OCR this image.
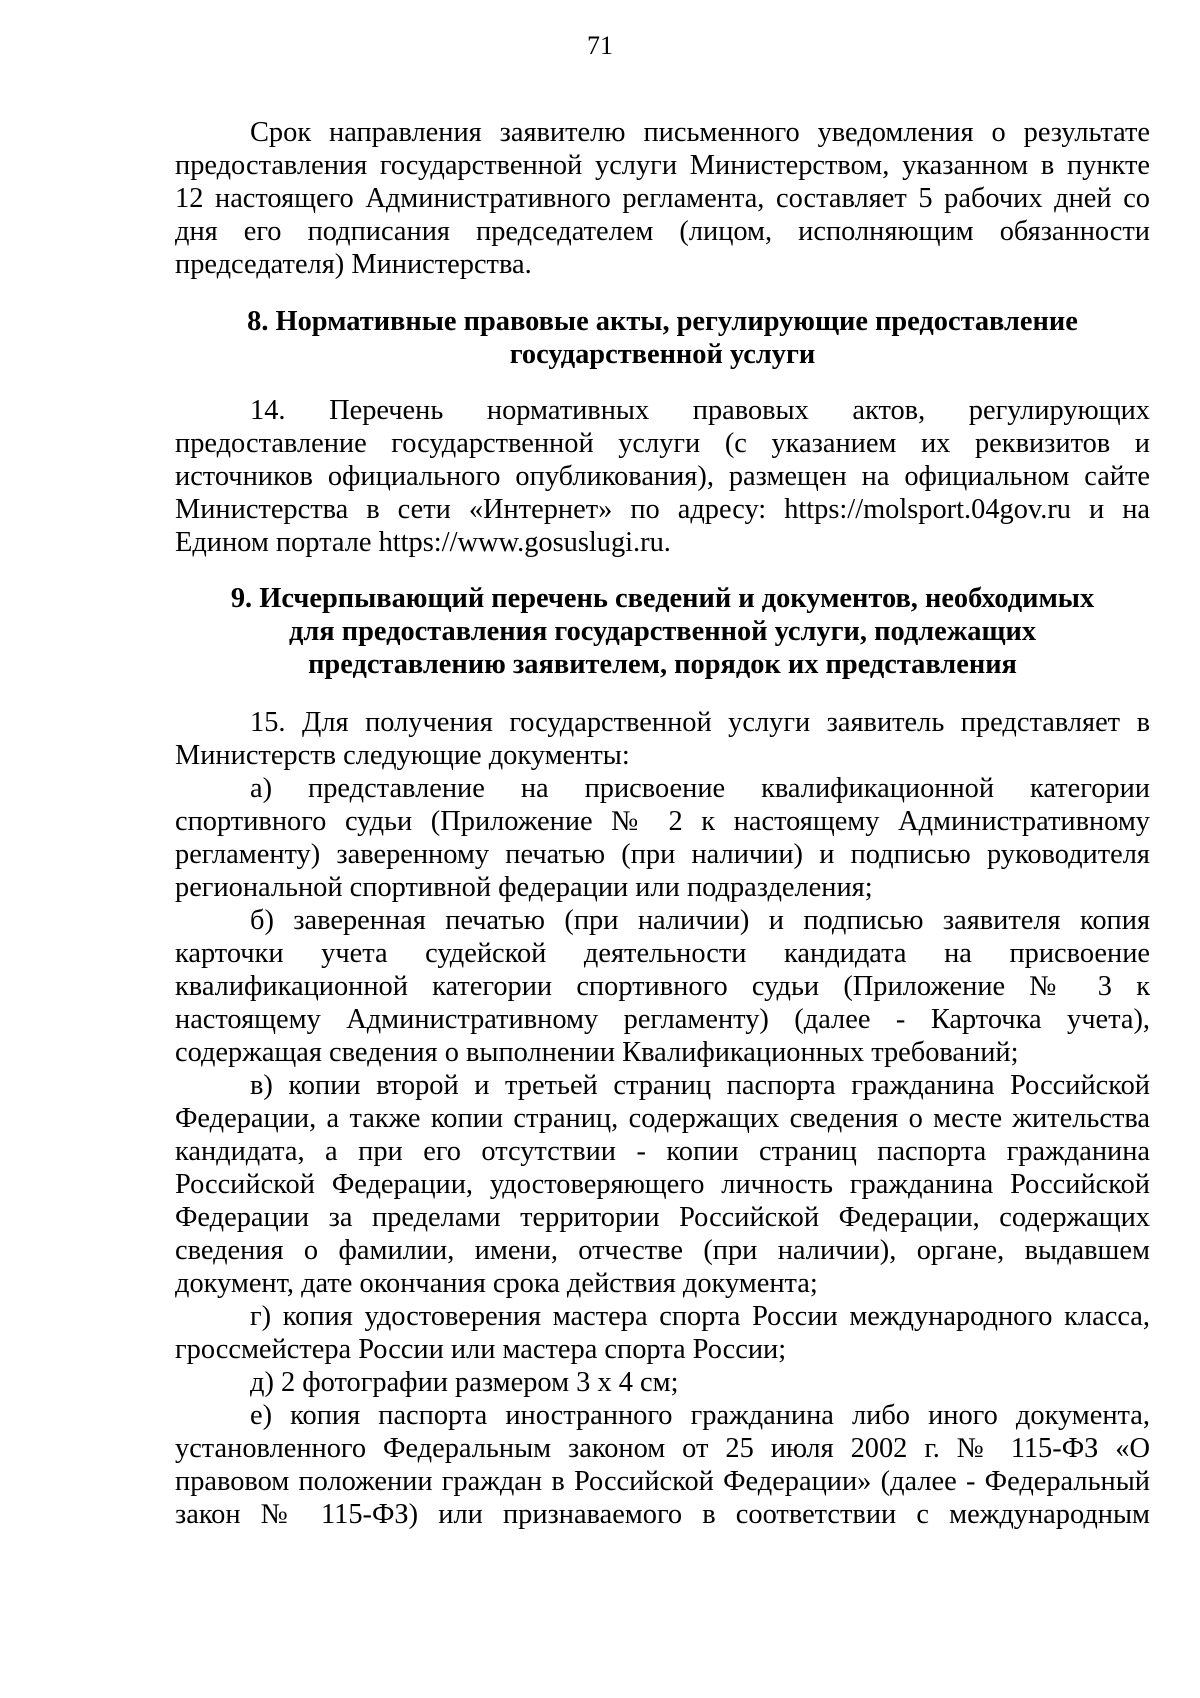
71

Срок направления заявителю письменного уведомления о результате предоставления государственной услуги Министерством, указанном в пункте 12 настоящего Административного регламента, составляет 5 рабочих дней со дня его подписания председателем (лицом, исполняющим обязанности председателя) Министерства.

8. Нормативные правовые акты, регулирующие предоставление
государственной услуги

14. Перечень нормативных правовых актов, регулирующих предоставление государственной услуги (с указанием их реквизитов и источников официального опубликования), размещен на официальном сайте Министерства в сети «Интернет» по адресу: https://molsport.04gov.ru и на Едином портале https://www.gosuslugi.ru.

9. Исчерпывающий перечень сведений и документов, необходимых
для предоставления государственной услуги, подлежащих
представлению заявителем, порядок их представления

15. Для получения государственной услуги заявитель представляет в Министерств следующие документы:

а) представление на присвоение квалификационной категории спортивного судьи (Приложение № 2 к настоящему Административному регламенту) заверенному печатью (при наличии) и подписью руководителя региональной спортивной федерации или подразделения;

б) заверенная печатью (при наличии) и подписью заявителя копия карточки учета судейской деятельности кандидата на присвоение квалификационной категории спортивного судьи (Приложение № 3 к настоящему Административному регламенту) (далее - Карточка учета), содержащая сведения о выполнении Квалификационных требований;

в) копии второй и третьей страниц паспорта гражданина Российской Федерации, а также копии страниц, содержащих сведения о месте жительства кандидата, а при его отсутствии - копии страниц паспорта гражданина Российской Федерации, удостоверяющего личность гражданина Российской Федерации за пределами территории Российской Федерации, содержащих сведения о фамилии, имени, отчестве (при наличии), органе, выдавшем документ, дате окончания срока действия документа;

г) копия удостоверения мастера спорта России международного класса, гроссмейстера России или мастера спорта России;

д) 2 фотографии размером 3 х 4 см;

е) копия паспорта иностранного гражданина либо иного документа, установленного Федеральным законом от 25 июля 2002 г. № 115-ФЗ «О правовом положении граждан в Российской Федерации» (далее - Федеральный закон № 115-ФЗ) или признаваемого в соответствии с международным
